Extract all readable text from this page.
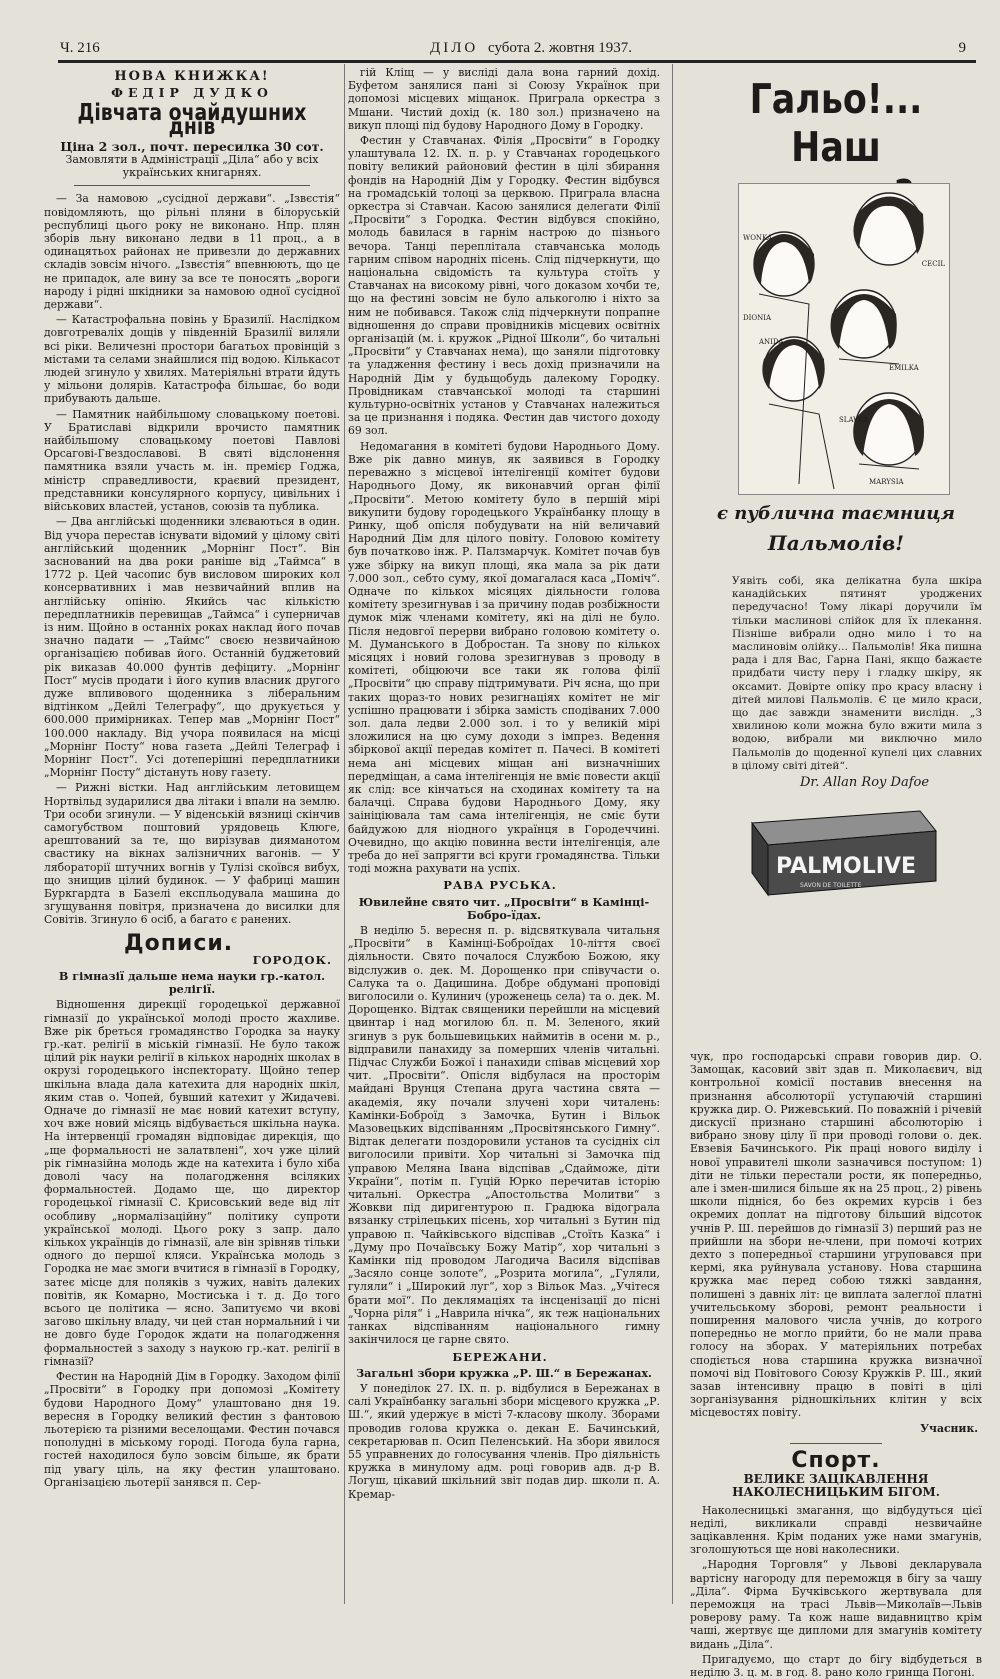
Ч. 216	ДІЛО субота 2. жовтня 1937.	9
НОВА КНИЖКА!
ФЕДІР ДУДКО
Дівчата очайдушних днів
Ціна 2 зол., почт. пересилка 30 сот.
Замовляти в Адміністрації „Діла“ або у всіх українських книгарнях.

— За намовою „сусідної держави“. „Ізвєстія“ повідомляють, що рільні пляни в білоруській республиці цього року не виконано. Нпр. плян зборів льну виконано ледви в 11 проц., а в одинацятьох районах не привезли до державних складів зовсім нічого. „Ізвєстія“ впевнюють, що це не припадок, але вину за все те поносять „вороги народу і рідні шкідники за намовою одної сусідної держави“.

— Катастрофальна повінь у Бразилії. Наслідком довготреваліх дощів у південній Бразилії виляли всі ріки. Величезні простори багатьох провінцій з містами та селами знайшлися під водою. Кількасот людей згинуло у хвилях. Матеріяльні втрати йдуть у мільони долярів. Катастрофа більшає, бо води прибувають дальше.

— Памятник найбільшому словацькому поетові. У Братиславі відкрили врочисто памятник найбільшому словацькому поетові Павлові Орсагові-Гвездославові. В святі відслонення памятника взяли участь м. ін. премієр Годжа, міністр справедливости, краєвий президент, представники консулярного корпусу, цивільних і військових властей, установ, союзів та публика.

— Два англійські щоденники злєваються в один. Від учора перестав існувати відомий у цілому світі англійський щоденник „Морнінг Пост“. Він заснований на два роки раніше від „Таймса“ в 1772 р. Цей часопис був висловом широких кол консервативних і мав незвичайний вплив на англійську опінію. Якийсь час кількістю передплатників перевищав „Таймса“ і суперничав із ним. Щойно в останніх роках наклад його почав значно падати — „Таймс“ своєю незвичайною організацією побивав його. Останній буджетовий рік виказав 40.000 фунтів дефіциту. „Морнінг Пост“ мусів продати і його купив власник другого дуже впливового щоденника з ліберальним відтінком „Дейлі Телеграфу“, що друкується у 600.000 примірниках. Тепер мав „Морнінг Пост“ 100.000 накладу. Від учора появилася на місці „Морнінг Посту“ нова газета „Дейлі Телеграф і Морнінг Пост“. Усі дотеперішні передплатники „Морнінг Посту“ дістануть нову газету.

— Рижні вістки. Над англійським летовищем Нортвільд зударилися два літаки і впали на землю. Три особи згинули. — У віденській вязниці скінчив самогубством поштовий урядовець Клюге, арештований за те, що вирізував дияманотом свастику на вікнах залізничних вагонів. — У лябораторії штучних вогнів у Тулізі скоївся вибух, що знищив цілий будинок. — У фабриці машин Буркгардта в Базелі експльодувала машина до згущування повітря, призначена до висилки для Совітів. Згинуло 6 осіб, а багато є ранених.

Дописи.
ГОРОДОК.
В гімназії дальше нема науки гр.-катол. релігії.

Відношення дирекції городецької державної гімназії до української молоді просто жахливе. Вже рік бреться громадянство Городка за науку гр.-кат. релігії в міській гімназії. Не було також цілий рік науки релігії в кількох народніх школах в окрузі городецького інспекторату. Щойно тепер шкільна влада дала катехита для народніх шкіл, яким став о. Чопей, бувший катехит у Жидачеві. Одначе до гімназії не має новий катехит вступу, хоч вже новий місяць відбувається шкільна наука. На інтервенції громадян відповідає дирекція, що „ще формальності не залатвлені“, хоч уже цілий рік гімназійна молодь жде на катехита і було хіба доволі часу на полагодження всіляких формальностей. Додамо ще, що директор городецької гімназії С. Крисовський веде від літ особливу „нормалізаційну“ політику супроти української молоді. Цього року з запр. дало кількох українців до гімназії, але він зрівняв тільки одного до першої кляси. Українська молодь з Городка не має змоги вчитися в гімназії в Городку, затеє місце для поляків з чужих, навіть далеких повітів, як Комарно, Мостиська і т. д. До того всього це політика — ясно. Запитуємо чи вкові загово шкільну владу, чи цей стан нормальний і чи не довго буде Городок ждати на полагодження формальностей з заходу з наукою гр.-кат. релігії в гімназії?

Фестин на Народній Дім в Городку. Заходом філії „Просвіти“ в Городку при допомозі „Комітету будови Народного Дому“ улаштовано дня 19. вересня в Городку великий фестин з фантовою льотерією та різними веселощами. Фестин почався пополудні в міському городі. Погода була гарна, гостей находилося було зовсім більше, як брати під увагу ціль, на яку фестин улаштовано. Організацією льотерії занявся п. Сер-

гій Кліщ — у висліді дала вона гарний дохід. Буфетом занялися пані зі Союзу Українок при допомозі місцевих міщанок. Приграла оркестра з Мшани. Чистий дохід (к. 180 зол.) призначено на викуп площі під будову Народного Дому в Городку.

Фестин у Ставчанах. Філія „Просвіти“ в Городку улаштувала 12. IX. п. р. у Ставчанах городецького повіту великий районовий фестин в цілі збирання фондів на Народній Дім у Городку. Фестин відбувся на громадській толоці за церквою. Приграла власна оркестра зі Ставчан. Касою занялися делегати Філії „Просвіти“ з Городка. Фестин відбувся спокійно, молодь бавилася в гарнім настрою до пізнього вечора. Танці переплітала ставчанська молодь гарним співом народніх пісень. Слід підчеркнути, що національна свідомість та культура стоїть у Ставчанах на високому рівні, чого доказом хочби те, що на фестині зовсім не було алькоголю і ніхто за ним не побивався. Також слід підчеркнути попрапне відношення до справи провідників місцевих освітніх організацій (м. і. кружок „Рідної Школи“, бо читальні „Просвіти“ у Ставчанах нема), що заняли підготовку та уладження фестину і весь дохід призначили на Народній Дім у будьщобудь далекому Городку. Провідникам ставчанської молоді та старшині культурно-освітніх установ у Ставчанах належиться за це признання і подяка. Фестин дав чистого доходу 69 зол.

Недомагання в комітеті будови Народнього Дому. Вже рік давно минув, як заявився в Городку переважно з місцевої інтелігенції комітет будови Народнього Дому, як виконавчий орган філії „Просвіти“. Метою комітету було в першій мірі викупити будову городецького Українбанку площу в Ринку, щоб опісля побудувати на ній величавий Народний Дім для цілого повіту. Головою комітету був початково інж. Р. Палзмарчук. Комітет почав був уже збірку на викуп площі, яка мала за рік дати 7.000 зол., себто суму, якої домагалася каса „Поміч“. Одначе по кількох місяцях діяльности голова комітету зрезигнував і за причину подав розбіжности думок між членами комітету, які на ділі не було. Після недовгої перерви вибрано головою комітету о. М. Думанського в Добростан. Та знову по кількох місяцях і новий голова зрезигнував з проводу в комітеті, обіцюючи все таки як голова філії „Просвіти“ цю справу підтримувати. Річ ясна, що при таких щораз-то нових резигнаціях комітет не міг успішно працювати і збірка замість сподіваних 7.000 зол. дала ледви 2.000 зол. і то у великій мірі зложилися на цю суму доходи з імпрез. Ведення збіркової акції передав комітет п. Пачесі. В комітеті нема ані місцевих міщан ані визначніших передміщан, а сама інтелігенція не вміє повести акції як слід: все кінчаться на сходинах комітету та на балачці. Справа будови Народнього Дому, яку заініціювала там сама інтелігенція, не сміє бути байдужою для ніодного українця в Городеччині. Очевидно, що акцію повинна вести інтелігенція, але треба до неї запрягти всі круги громадянства. Тільки тоді можна рахувати на успіх.

РАВА РУСЬКА.
Ювилейне свято чит. „Просвіти“ в Камінці-Бобро-їдах.

В неділю 5. вересня п. р. відсвяткувала читальня „Просвіти“ в Камінці-Боброїдах 10-ліття своєї діяльности. Свято почалося Службою Божою, яку відслужив о. дек. М. Дорощенко при співучасти о. Салука та о. Дацишина. Добре обдумані проповіді виголосили о. Кулинич (уроженець села) та о. дек. М. Дорощенко. Відтак священики перейшли на місцевий цвинтар і над могилою бл. п. М. Зеленого, який згинув з рук большевицьких наймитів в осени м. р., відправили панахиду за померших членів читальні. Підчас Служби Божої і панахиди співав місцевий хор чит. „Просвіти“. Опісля відбулася на просторім майдані Врунця Степана друга частина свята — академія, яку почали злучені хори читалень: Камінки-Боброїд з Замочка, Бутин і Вільок Мазовецьких відспіванням „Просвітянського Гимну“. Відтак делегати поздоровили установ та сусідніх сіл виголосили привіти. Хор читальні зі Замочка під управою Меляна Івана відспівав „Сдайможе, діти України“, потім п. Гуцій Юрко перечитав історію читальні. Оркестра „Апостольства Молитви“ з Жовкви під диригентурою п. Градюка відограла вязанку стрілецьких пісень, хор читальні з Бутин під управою п. Чайківського відспівав „Стоїть Казка“ і „Думу про Почаївську Божу Матір“, хор читальні з Камінки під проводом Лагодича Василя відспівав „Засяло сонце золоте“, „Розрита могила“, „Гуляли, гуляли“ і „Широкий луг“, хор з Вільок Маз. „Учітеся брати мої“. По деклямаціях та інсценізації до пісні „Чорна ріля“ і „Наврила нічка“, як теж національних танках відспіванням національного гимну закінчилося це гарне свято.

БЕРЕЖАНИ.
Загальні збори кружка „Р. Ш.“ в Бережанах.

У понеділок 27. IX. п. р. відбулися в Бережанах в салі Українбанку загальні збори місцевого кружка „Р. Ш.“, який удержує в місті 7-класову школу. Зборами проводив голова кружка о. декан Е. Бачинський, секретарював п. Осип Пеленський. На збори явилося 55 управнених до голосування членів. Про діяльність кружка в минулому адм. році говорив адв. д-р В. Логуш, цікавий шкільний звіт подав дир. школи п. А. Кремар-

Гальо!...
Наш
WONKA
CECIL
DIONIA
ANIDA
EMILKA
SLAVKA
MARYSIA
є публична таємниця
Пальмолів!
Уявіть собі, яка делікатна була шкіра канадійських пятинят уроджених передучасно! Тому лікарі доручили їм тільки маслинові слійок для їх плекання. Пізніше вибрали одно мило і то на маслиновім олійку... Пальмолів! Яка пишна рада і для Вас, Гарна Пані, якщо бажаєте придбати чисту перу і гладку шкіру, як оксамит. Довірте опіку про красу власну і дітей милові Пальмолів. Є це мило краси, що дає завжди знаменити вислідн. „З хвилиною коли можна було вжити мила з водою, вибрали ми виключно мило Пальмолів до щоденної купелі цих славних в цілому світі дітей“.
Dr. Allan Roy Dafoe
PALMOLIVE
SAVON DE TOILETTE

чук, про господарські справи говорив дир. О. Замощак, касовий звіт здав п. Миколаєвич, від контрольної комісії поставив внесення на признання абсолюторії уступаючій старшині кружка дир. О. Рижевський. По поважній і річевій дискусії признано старшині абсолюторію і вибрано знову цілу її при проводі голови о. дек. Евзевія Бачинського. Рік праці нового виділу і нової управителі школи зазначився поступом: 1) діти не тільки перестали рости, як попередньо, але і змен-шилися більше як на 25 проц., 2) рівень школи підніся, бо без окремих курсів і без окремих доплат на підготову більший відсоток учнів Р. Ш. перейшов до гімназії 3) перший раз не прийшли на збори не-члени, при помочі котрих дехто з попередньої старшини угруповався при кермі, яка руйнувала установу. Нова старшина кружка має перед собою тяжкі завдання, полишені з давніх літ: це виплата залеглої платні учительському зборові, ремонт реальности і поширення малового числа учнів, до котрого попередньо не могло прийти, бо не мали права голосу на зборах. У матеріяльних потребах сподіється нова старшина кружка визначної помочі від Повітового Союзу Кружків Р. Ш., який зазав інтенсивну працю в повіті в цілі зорганізування рідношкільних клітин у всіх місцевостях повіту.

Учасник.
Спорт.
ВЕЛИКЕ ЗАЦІКАВЛЕННЯ НАКОЛЕСНИЦЬКИМ БІГОМ.

Наколесницькі змагання, що відбудуться цієї неділі, викликали справді незвичайне зацікавлення. Крім поданих уже нами змагунів, зголошуються ще нові наколесники.

„Народня Торговля“ у Львові декларувала вартісну нагороду для переможця в бігу за чашу „Діла“. Фірма Бучківського жертвувала для переможця на трасі Львів—Миколаїв—Львів роверову раму. Та кож наше видавництво крім чаші, жертвує ще дипломи для змагунів комітету видань „Діла“.

Пригадуємо, що старт до бігу відбудеться в неділю 3. ц. м. в год. 8. рано коло гринща Погоні.
